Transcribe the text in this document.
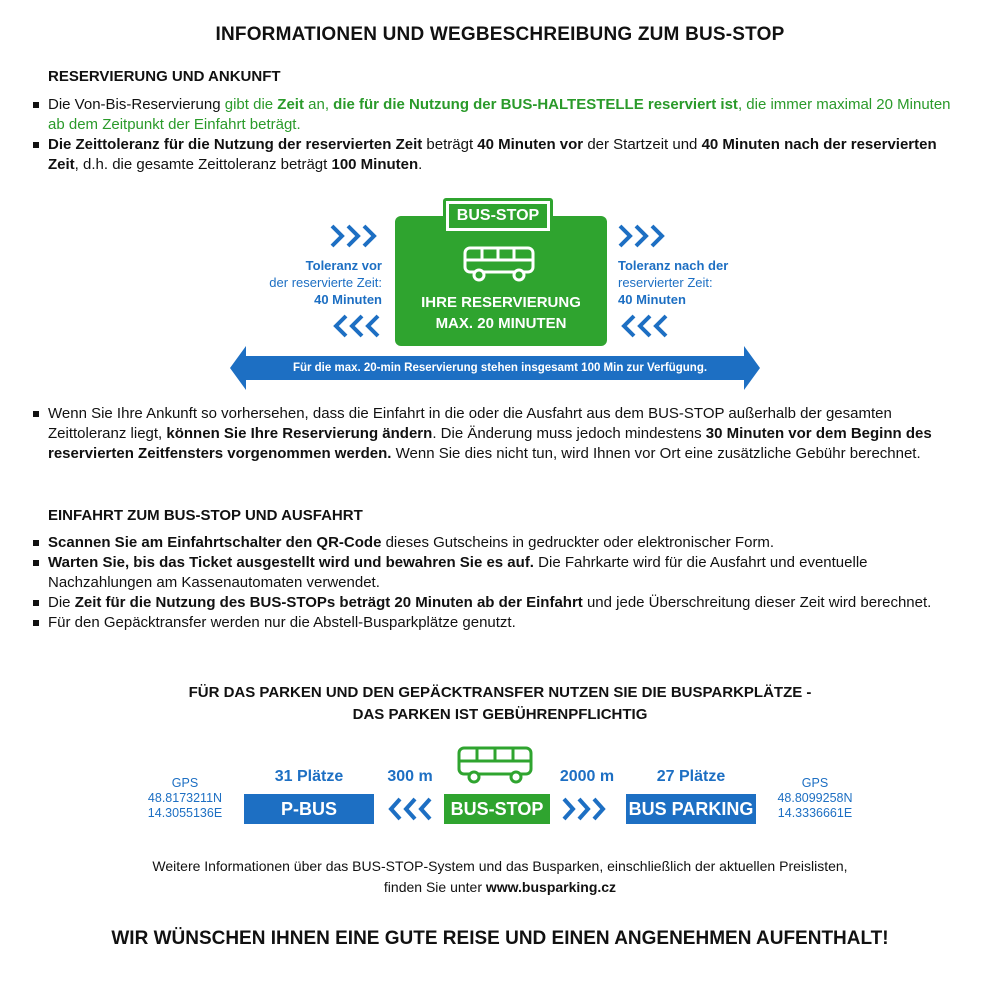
INFORMATIONEN UND WEGBESCHREIBUNG ZUM BUS-STOP
RESERVIERUNG UND ANKUNFT
Die Von-Bis-Reservierung gibt die Zeit an, die für die Nutzung der BUS-HALTESTELLE reserviert ist, die immer maximal 20 Minuten ab dem Zeitpunkt der Einfahrt beträgt.
Die Zeittoleranz für die Nutzung der reservierten Zeit beträgt 40 Minuten vor der Startzeit und 40 Minuten nach der reservierten Zeit, d.h. die gesamte Zeittoleranz beträgt 100 Minuten.
Toleranz vor
der reservierte Zeit:
40 Minuten
Toleranz nach der
reservierter Zeit:
40 Minuten
BUS-STOP
IHRE RESERVIERUNG
MAX. 20 MINUTEN
Für die max. 20-min Reservierung stehen insgesamt 100 Min zur Verfügung.
Wenn Sie Ihre Ankunft so vorhersehen, dass die Einfahrt in die oder die Ausfahrt aus dem BUS-STOP außerhalb der gesamten Zeittoleranz liegt, können Sie Ihre Reservierung ändern. Die Änderung muss jedoch mindestens 30 Minuten vor dem Beginn des reservierten Zeitfensters vorgenommen werden. Wenn Sie dies nicht tun, wird Ihnen vor Ort eine zusätzliche Gebühr berechnet.
EINFAHRT ZUM BUS-STOP UND AUSFAHRT
Scannen Sie am Einfahrtschalter den QR-Code dieses Gutscheins in gedruckter oder elektronischer Form.
Warten Sie, bis das Ticket ausgestellt wird und bewahren Sie es auf. Die Fahrkarte wird für die Ausfahrt und eventuelle Nachzahlungen am Kassenautomaten verwendet.
Die Zeit für die Nutzung des BUS-STOPs beträgt 20 Minuten ab der Einfahrt und jede Überschreitung dieser Zeit wird berechnet.
Für den Gepäcktransfer werden nur die Abstell-Busparkplätze genutzt.
FÜR DAS PARKEN UND DEN GEPÄCKTRANSFER NUTZEN SIE DIE BUSPARKPLÄTZE -
DAS PARKEN IST GEBÜHRENPFLICHTIG
GPS
48.8173211N
14.3055136E
31 Plätze
P-BUS
300 m
BUS-STOP
2000 m	27 Plätze
BUS PARKING
GPS
48.8099258N
14.3336661E
Weitere Informationen über das BUS-STOP-System und das Busparken, einschließlich der aktuellen Preislisten,
finden Sie unter www.busparking.cz
WIR WÜNSCHEN IHNEN EINE GUTE REISE UND EINEN ANGENEHMEN AUFENTHALT!
